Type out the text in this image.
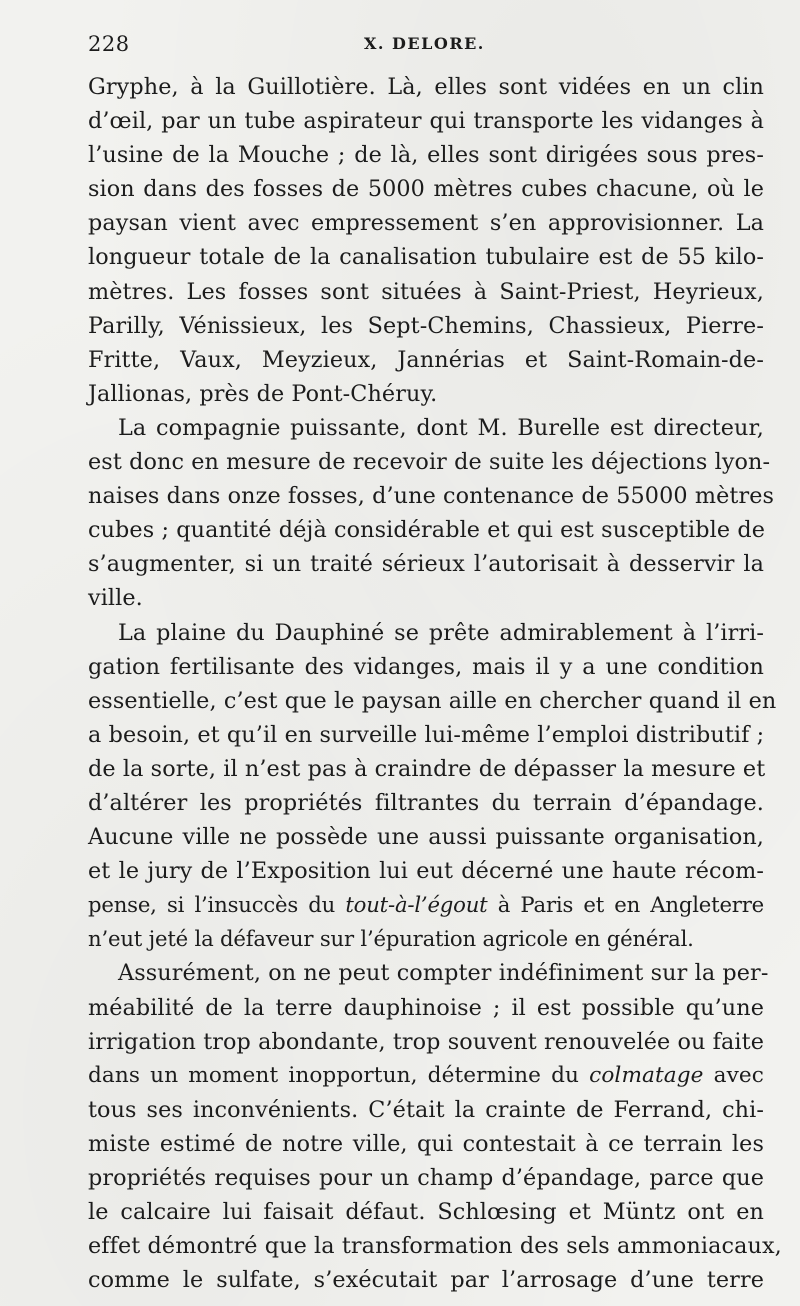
228	X. DELORE.
Gryphe, à la Guillotière. Là, elles sont vidées en un clin
d’œil, par un tube aspirateur qui transporte les vidanges à
l’usine de la Mouche ; de là, elles sont dirigées sous pres-
sion dans des fosses de 5000 mètres cubes chacune, où le
paysan vient avec empressement s’en approvisionner. La
longueur totale de la canalisation tubulaire est de 55 kilo-
mètres. Les fosses sont situées à Saint-Priest, Heyrieux,
Parilly, Vénissieux, les Sept-Chemins, Chassieux, Pierre-
Fritte, Vaux, Meyzieux, Jannérias et Saint-Romain-de-
Jallionas, près de Pont-Chéruy.
La compagnie puissante, dont M. Burelle est directeur,
est donc en mesure de recevoir de suite les déjections lyon-
naises dans onze fosses, d’une contenance de 55000 mètres
cubes ; quantité déjà considérable et qui est susceptible de
s’augmenter, si un traité sérieux l’autorisait à desservir la
ville.
La plaine du Dauphiné se prête admirablement à l’irri-
gation fertilisante des vidanges, mais il y a une condition
essentielle, c’est que le paysan aille en chercher quand il en
a besoin, et qu’il en surveille lui-même l’emploi distributif ;
de la sorte, il n’est pas à craindre de dépasser la mesure et
d’altérer les propriétés filtrantes du terrain d’épandage.
Aucune ville ne possède une aussi puissante organisation,
et le jury de l’Exposition lui eut décerné une haute récom-
pense, si l’insuccès du tout-à-l’égout à Paris et en Angleterre
n’eut jeté la défaveur sur l’épuration agricole en général.
Assurément, on ne peut compter indéfiniment sur la per-
méabilité de la terre dauphinoise ; il est possible qu’une
irrigation trop abondante, trop souvent renouvelée ou faite
dans un moment inopportun, détermine du colmatage avec
tous ses inconvénients. C’était la crainte de Ferrand, chi-
miste estimé de notre ville, qui contestait à ce terrain les
propriétés requises pour un champ d’épandage, parce que
le calcaire lui faisait défaut. Schlœsing et Müntz ont en
effet démontré que la transformation des sels ammoniacaux,
comme le sulfate, s’exécutait par l’arrosage d’une terre
